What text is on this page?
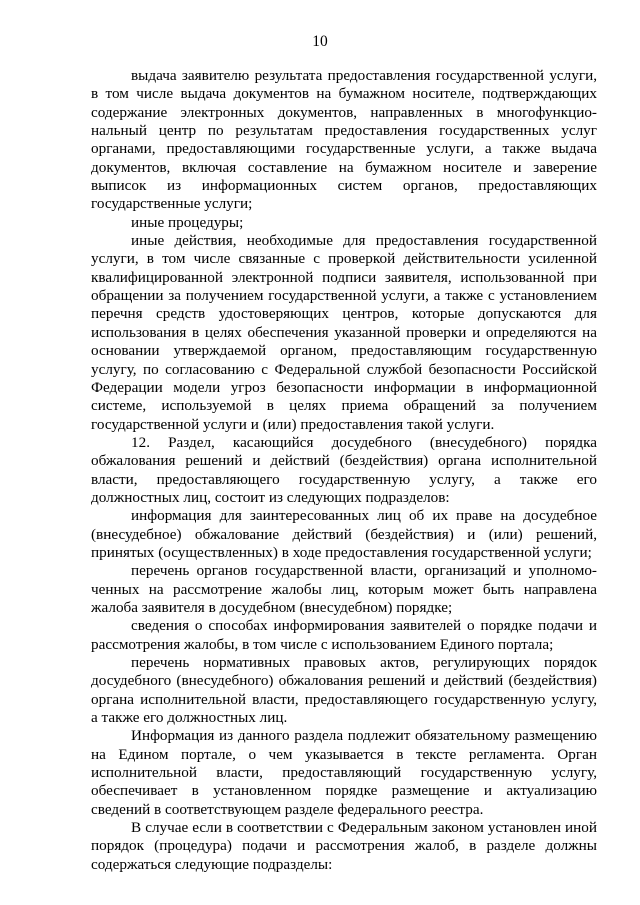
10
выдача заявителю результата предоставления государственной услуги,
в том числе выдача документов на бумажном носителе, подтверждающих
содержание электронных документов, направленных в многофункцио-
нальный центр по результатам предоставления государственных услуг
органами, предоставляющими государственные услуги, а также выдача
документов, включая составление на бумажном носителе и заверение
выписок из информационных систем органов, предоставляющих
государственные услуги;
иные процедуры;
иные действия, необходимые для предоставления государственной
услуги, в том числе связанные с проверкой действительности усиленной
квалифицированной электронной подписи заявителя, использованной при
обращении за получением государственной услуги, а также с установлением
перечня средств удостоверяющих центров, которые допускаются для
использования в целях обеспечения указанной проверки и определяются на
основании утверждаемой органом, предоставляющим государственную
услугу, по согласованию с Федеральной службой безопасности Российской
Федерации модели угроз безопасности информации в информационной
системе, используемой в целях приема обращений за получением
государственной услуги и (или) предоставления такой услуги.
12. Раздел, касающийся досудебного (внесудебного) порядка
обжалования решений и действий (бездействия) органа исполнительной
власти, предоставляющего государственную услугу, а также его
должностных лиц, состоит из следующих подразделов:
информация для заинтересованных лиц об их праве на досудебное
(внесудебное) обжалование действий (бездействия) и (или) решений,
принятых (осуществленных) в ходе предоставления государственной услуги;
перечень органов государственной власти, организаций и уполномо-
ченных на рассмотрение жалобы лиц, которым может быть направлена
жалоба заявителя в досудебном (внесудебном) порядке;
сведения о способах информирования заявителей о порядке подачи и
рассмотрения жалобы, в том числе с использованием Единого портала;
перечень нормативных правовых актов, регулирующих порядок
досудебного (внесудебного) обжалования решений и действий (бездействия)
органа исполнительной власти, предоставляющего государственную услугу,
а также его должностных лиц.
Информация из данного раздела подлежит обязательному размещению
на Едином портале, о чем указывается в тексте регламента. Орган
исполнительной власти, предоставляющий государственную услугу,
обеспечивает в установленном порядке размещение и актуализацию
сведений в соответствующем разделе федерального реестра.
В случае если в соответствии с Федеральным законом установлен иной
порядок (процедура) подачи и рассмотрения жалоб, в разделе должны
содержаться следующие подразделы:
